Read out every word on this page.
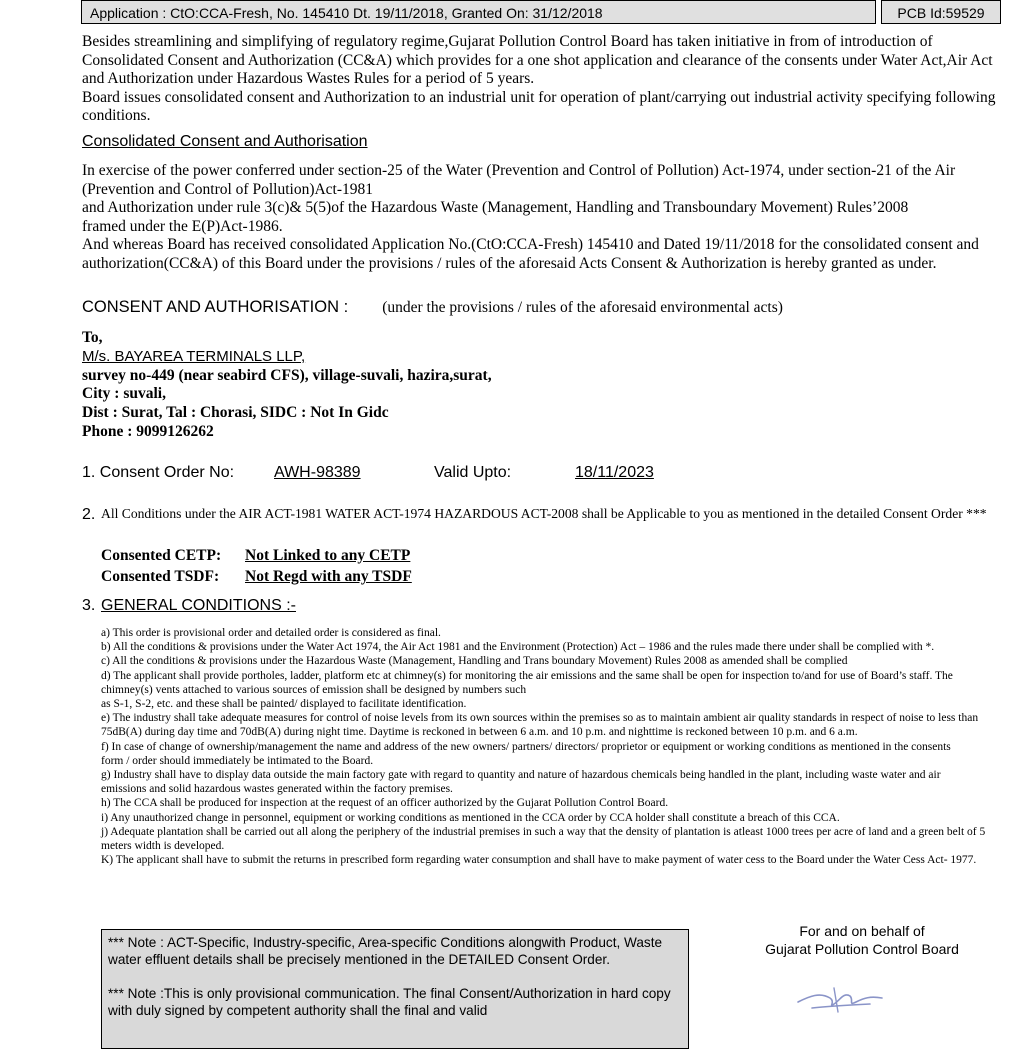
Application : CtO:CCA-Fresh, No. 145410 Dt. 19/11/2018, Granted On: 31/12/2018	PCB Id:59529

Besides streamlining and simplifying of regulatory regime,Gujarat Pollution Control Board has taken initiative in from of introduction of Consolidated Consent and Authorization (CC&A) which provides for a one shot application and clearance of the consents under Water Act,Air Act and Authorization under Hazardous Wastes Rules for a period of 5 years.

Board issues consolidated consent and Authorization to an industrial unit for operation of plant/carrying out industrial activity specifying following conditions.

Consolidated Consent and Authorisation

In exercise of the power conferred under section-25 of the Water (Prevention and Control of Pollution) Act-1974, under section-21 of the Air (Prevention and Control of Pollution)Act-1981

and Authorization under rule 3(c)& 5(5)of the Hazardous Waste (Management, Handling and Transboundary Movement) Rules’2008 framed under the E(P)Act-1986.

And whereas Board has received consolidated Application No.(CtO:CCA-Fresh) 145410 and Dated 19/11/2018 for the consolidated consent and authorization(CC&A) of this Board under the provisions / rules of the aforesaid Acts Consent & Authorization is hereby granted as under.

CONSENT AND AUTHORISATION : (under the provisions / rules of the aforesaid environmental acts)
To,
M/s. BAYAREA TERMINALS LLP,
survey no-449 (near seabird CFS), village-suvali, hazira,surat,
City : suvali,
Dist : Surat, Tal : Chorasi, SIDC : Not In Gidc
Phone : 9099126262
1. Consent Order No: AWH-98389	Valid Upto:	18/11/2023
2. All Conditions under the AIR ACT-1981 WATER ACT-1974 HAZARDOUS ACT-2008 shall be Applicable to you as mentioned in the detailed Consent Order ***
Consented CETP: Not Linked to any CETP
Consented TSDF: Not Regd with any TSDF
3. GENERAL CONDITIONS :-
a) This order is provisional order and detailed order is considered as final.
b) All the conditions & provisions under the Water Act 1974, the Air Act 1981 and the Environment (Protection) Act – 1986 and the rules made there under shall be complied with *.
c) All the conditions & provisions under the Hazardous Waste (Management, Handling and Trans boundary Movement) Rules 2008 as amended shall be complied
d) The applicant shall provide portholes, ladder, platform etc at chimney(s) for monitoring the air emissions and the same shall be open for inspection to/and for use of Board’s staff. The chimney(s) vents attached to various sources of emission shall be designed by numbers such
as S-1, S-2, etc. and these shall be painted/ displayed to facilitate identification.
e) The industry shall take adequate measures for control of noise levels from its own sources within the premises so as to maintain ambient air quality standards in respect of noise to less than 75dB(A) during day time and 70dB(A) during night time. Daytime is reckoned in between 6 a.m. and 10 p.m. and nighttime is reckoned between 10 p.m. and 6 a.m.
f) In case of change of ownership/management the name and address of the new owners/ partners/ directors/ proprietor or equipment or working conditions as mentioned in the consents form / order should immediately be intimated to the Board.
g) Industry shall have to display data outside the main factory gate with regard to quantity and nature of hazardous chemicals being handled in the plant, including waste water and air emissions and solid hazardous wastes generated within the factory premises.
h) The CCA shall be produced for inspection at the request of an officer authorized by the Gujarat Pollution Control Board.
i) Any unauthorized change in personnel, equipment or working conditions as mentioned in the CCA order by CCA holder shall constitute a breach of this CCA.
j) Adequate plantation shall be carried out all along the periphery of the industrial premises in such a way that the density of plantation is atleast 1000 trees per acre of land and a green belt of 5 meters width is developed.
K) The applicant shall have to submit the returns in prescribed form regarding water consumption and shall have to make payment of water cess to the Board under the Water Cess Act- 1977.
*** Note : ACT-Specific, Industry-specific, Area-specific Conditions alongwith Product, Waste water effluent details shall be precisely mentioned in the DETAILED Consent Order.
*** Note :This is only provisional communication. The final Consent/Authorization in hard copy with duly signed by competent authority shall the final and valid
For and on behalf of
Gujarat Pollution Control Board
